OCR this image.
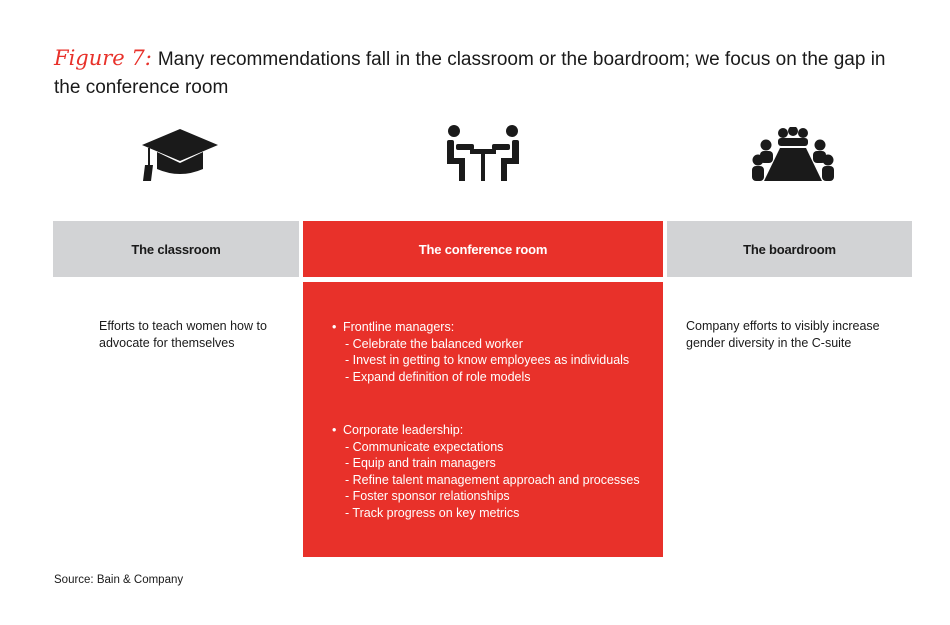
Figure 7: Many recommendations fall in the classroom or the boardroom; we focus on the gap in the conference room
The classroom	The conference room	The boardroom
Efforts to teach women how to advocate for themselves
• Frontline managers:
- Celebrate the balanced worker
- Invest in getting to know employees as individuals
- Expand definition of role models
• Corporate leadership:
- Communicate expectations
- Equip and train managers
- Refine talent management approach and processes
- Foster sponsor relationships
- Track progress on key metrics
Company efforts to visibly increase gender diversity in the C-suite
Source: Bain & Company
